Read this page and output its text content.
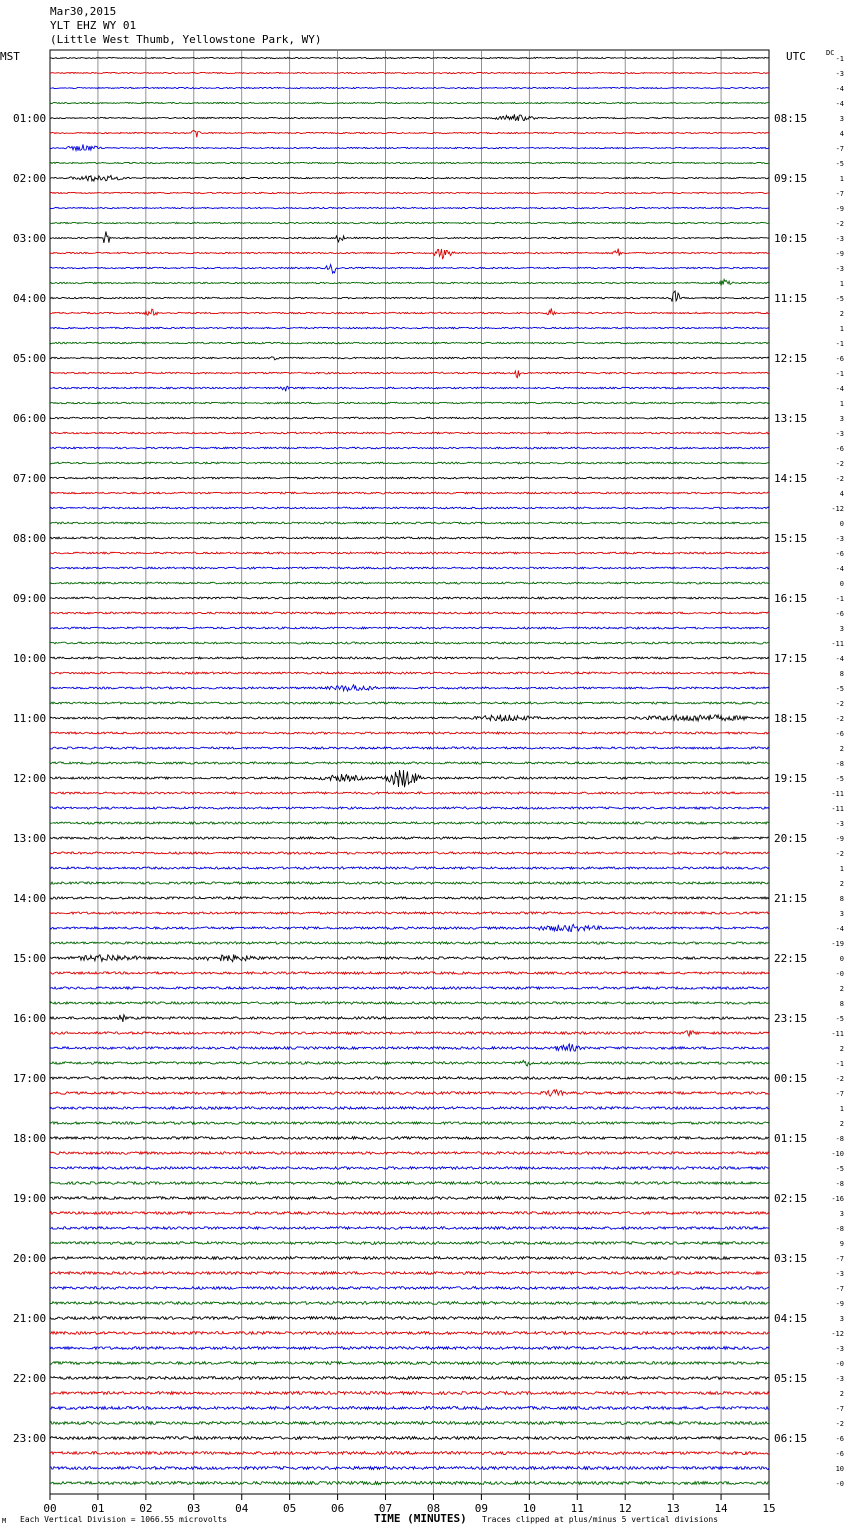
Mar30,2015
YLT EHZ WY 01
(Little West Thumb, Yellowstone Park, WY)
MST	UTC	DC
00	01	02	03	04	05	06	07	08	09	10	11	12	13	14	15
-1
-3
-4
-4
3
4
-7
-5
1
-7
-9
-2
-3
-9
-3
1
-5
2
1
-1
-6
-1
-4
1
3
-3
-6
-2
-2
4
-12
0
-3
-6
-4
0
-1
-6
3
-11
-4
8
-5
-2
-2
-6
2
-8
-5
-11
-11
-3
-9
-2
1
2
8
3
-4
-19
0
-0
2
8
-5
-11
2
-1
-2
-7
1
2
-8
-10
-5
-8
-16
3
-8
9
-7
-3
-7
-9
3
-12
-3
-0
-3
2
-7
-2
-6
-6
10
-0
01:00
02:00
03:00
04:00
05:00
06:00
07:00
08:00
09:00
10:00
11:00
12:00
13:00
14:00
15:00
16:00
17:00
18:00
19:00
20:00
21:00
22:00
23:00
08:15
09:15
10:15
11:15
12:15
13:15
14:15
15:15
16:15
17:15
18:15
19:15
20:15
21:15
22:15
23:15
00:15
01:15
02:15
03:15
04:15
05:15
06:15
TIME (MINUTES)
M Each Vertical Division = 1066.55 microvolts	Traces clipped at plus/minus 5 vertical divisions
